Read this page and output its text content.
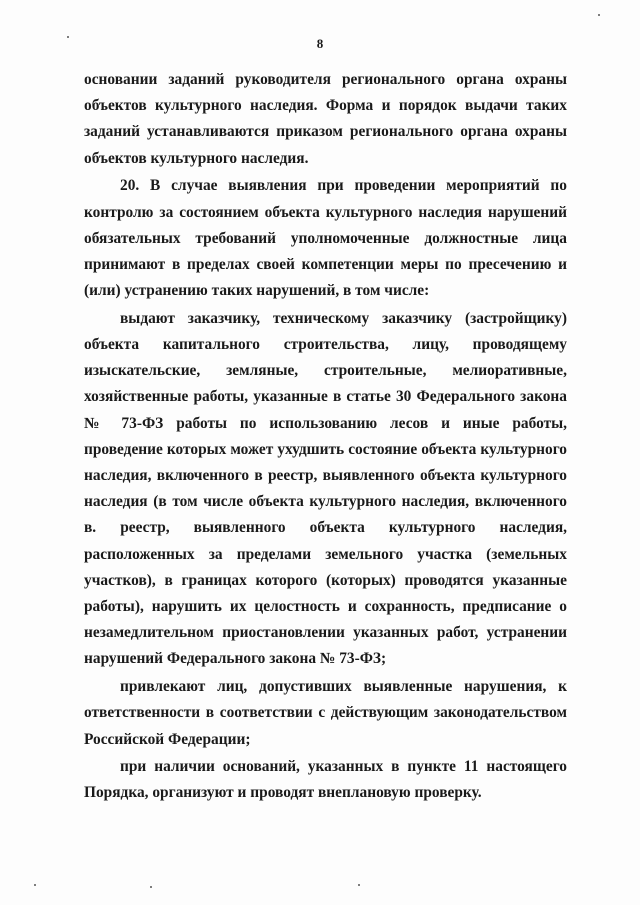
8

основании заданий руководителя регионального органа охраны объектов культурного наследия. Форма и порядок выдачи таких заданий устанавливаются приказом регионального органа охраны объектов культурного наследия.

20. В случае выявления при проведении мероприятий по контролю за состоянием объекта культурного наследия нарушений обязательных требований уполномоченные должностные лица принимают в пределах своей компетенции меры по пресечению и (или) устранению таких нарушений, в том числе:

выдают заказчику, техническому заказчику (застройщику) объекта капитального строительства, лицу, проводящему изыскательские, земляные, строительные, мелиоративные, хозяйственные работы, указанные в статье 30 Федерального закона № 73-ФЗ работы по использованию лесов и иные работы, проведение которых может ухудшить состояние объекта культурного наследия, включенного в реестр, выявленного объекта культурного наследия (в том числе объекта культурного наследия, включенного в. реестр, выявленного объекта культурного наследия, расположенных за пределами земельного участка (земельных участков), в границах которого (которых) проводятся указанные работы), нарушить их целостность и сохранность, предписание о незамедлительном приостановлении указанных работ, устранении нарушений Федерального закона № 73-ФЗ;

привлекают лиц, допустивших выявленные нарушения, к ответственности в соответствии с действующим законодательством Российской Федерации;

при наличии оснований, указанных в пункте 11 настоящего Порядка, организуют и проводят внеплановую проверку.
